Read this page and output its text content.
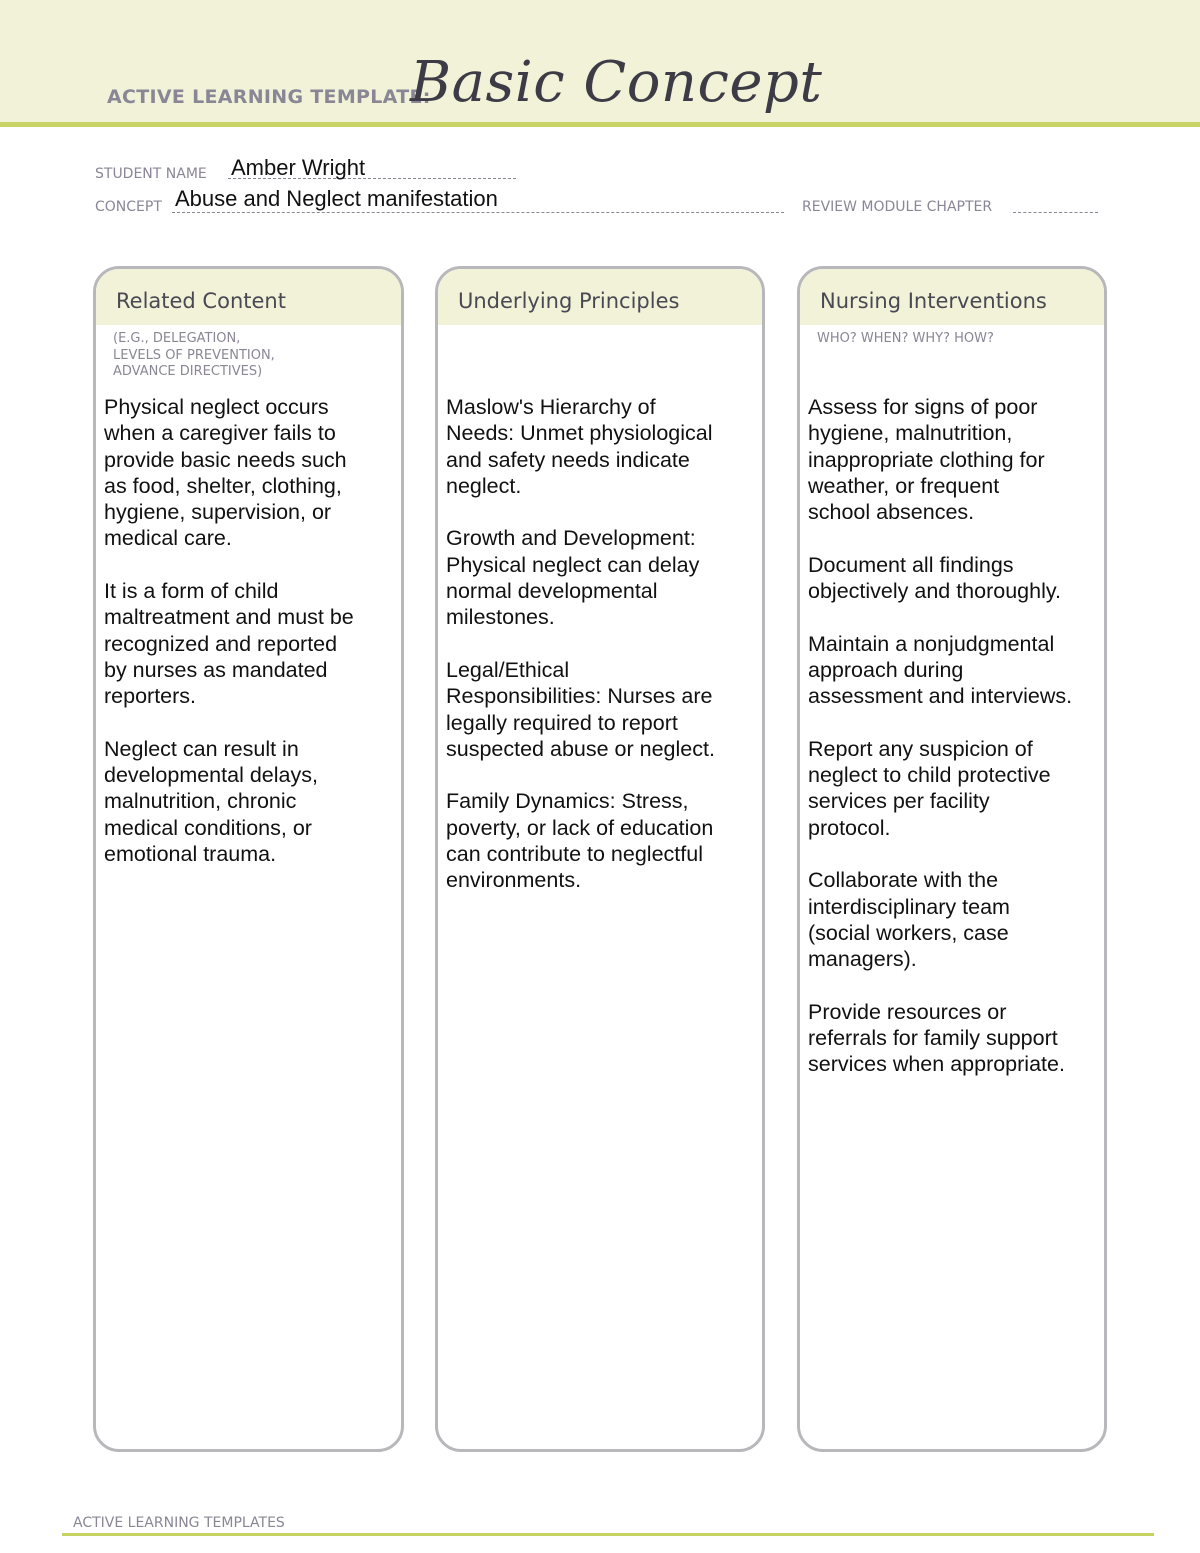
ACTIVE LEARNING TEMPLATE:
Basic Concept
STUDENT NAME Amber Wright
CONCEPT Abuse and Neglect manifestation	REVIEW MODULE CHAPTER
Related Content
(E.G., DELEGATION,
LEVELS OF PREVENTION,
ADVANCE DIRECTIVES)

Physical neglect occurs
when a caregiver fails to
provide basic needs such
as food, shelter, clothing,
hygiene, supervision, or
medical care.

It is a form of child
maltreatment and must be
recognized and reported
by nurses as mandated
reporters.

Neglect can result in
developmental delays,
malnutrition, chronic
medical conditions, or
emotional trauma.

Underlying Principles

Maslow's Hierarchy of
Needs: Unmet physiological
and safety needs indicate
neglect.

Growth and Development:
Physical neglect can delay
normal developmental
milestones.

Legal/Ethical
Responsibilities: Nurses are
legally required to report
suspected abuse or neglect.

Family Dynamics: Stress,
poverty, or lack of education
can contribute to neglectful
environments.

Nursing Interventions
WHO? WHEN? WHY? HOW?

Assess for signs of poor
hygiene, malnutrition,
inappropriate clothing for
weather, or frequent
school absences.

Document all findings
objectively and thoroughly.

Maintain a nonjudgmental
approach during
assessment and interviews.

Report any suspicion of
neglect to child protective
services per facility
protocol.

Collaborate with the
interdisciplinary team
(social workers, case
managers).

Provide resources or
referrals for family support
services when appropriate.

ACTIVE LEARNING TEMPLATES
